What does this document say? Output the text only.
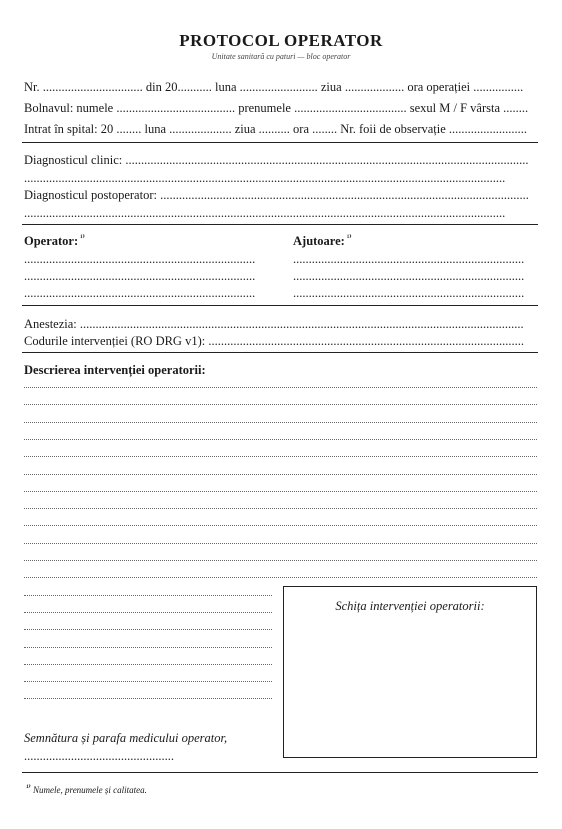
PROTOCOL OPERATOR
Unitate sanitară cu paturi — bloc operator
Nr. ................................ din 20........... luna ......................... ziua ................... ora operației ................
Bolnavul: numele ...................................... prenumele .................................... sexul M / F vârsta ........
Intrat în spital: 20 ........ luna .................... ziua .......... ora ........ Nr. foii de observație .........................
Diagnosticul clinic: .................................................................................................................................
..........................................................................................................................................................
Diagnosticul postoperator: ......................................................................................................................
..........................................................................................................................................................
Operator: $^{^{1)}}$	Ajutoare: $^{^{1)}}$
..........................................................................
..........................................................................
..........................................................................
..........................................................................
..........................................................................
..........................................................................
Anestezia: ..............................................................................................................................................
Codurile intervenției (RO DRG v1): .....................................................................................................
Descrierea intervenției operatorii:
Schița intervenției operatorii:
Semnătura și parafa medicului operator,
................................................
¹⁾ Numele, prenumele și calitatea.
